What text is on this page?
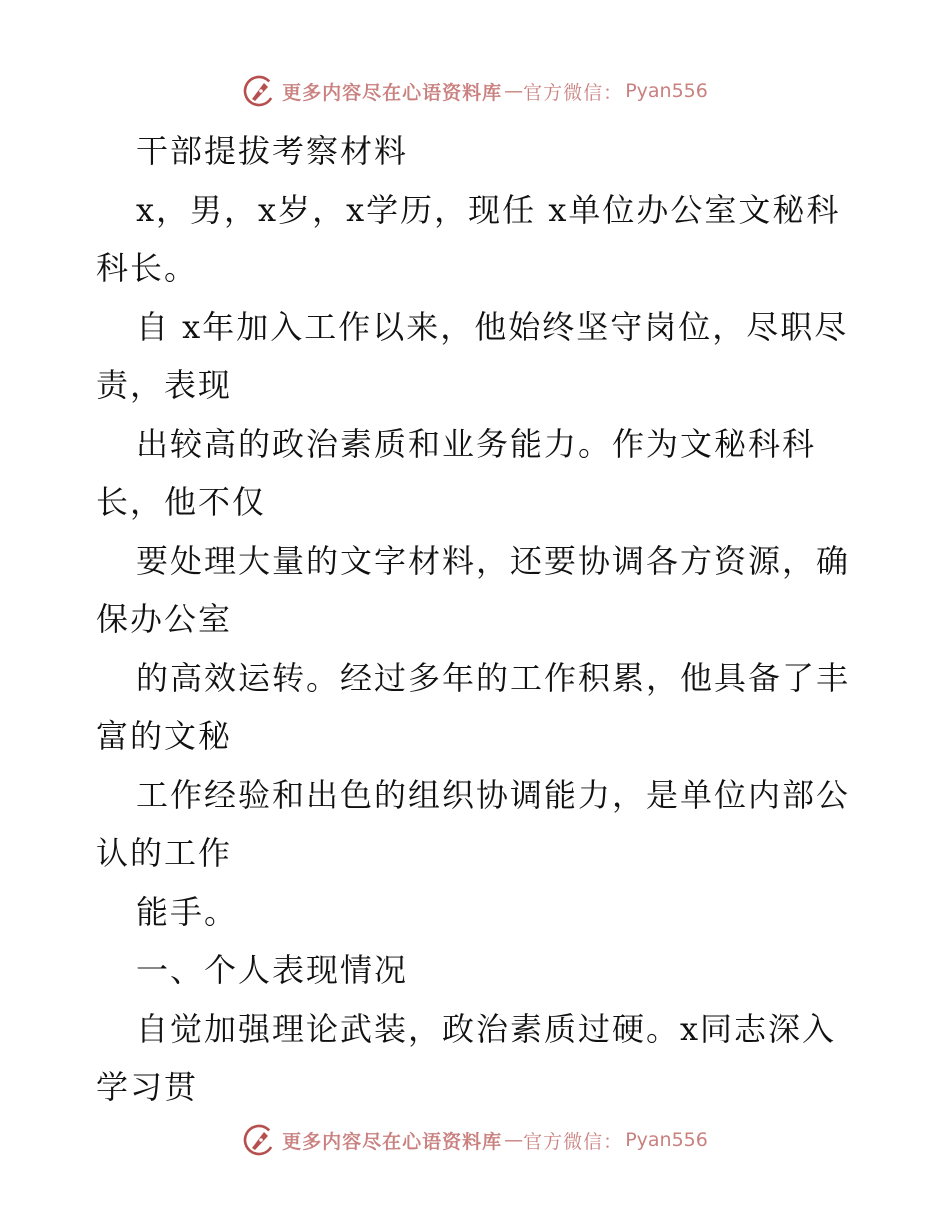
更多内容尽在心语资料库 — 官方微信： Pyan556
干部提拔考察材料
x，男，x岁，x学历，现任 x单位办公室文秘科
科长。
自 x年加入工作以来，他始终坚守岗位，尽职尽
责，表现
出较高的政治素质和业务能力。作为文秘科科
长，他不仅
要处理大量的文字材料，还要协调各方资源，确
保办公室
的高效运转。经过多年的工作积累，他具备了丰
富的文秘
工作经验和出色的组织协调能力，是单位内部公
认的工作
能手。
一、个人表现情况
自觉加强理论武装，政治素质过硬。x同志深入
学习贯
更多内容尽在心语资料库 — 官方微信： Pyan556
